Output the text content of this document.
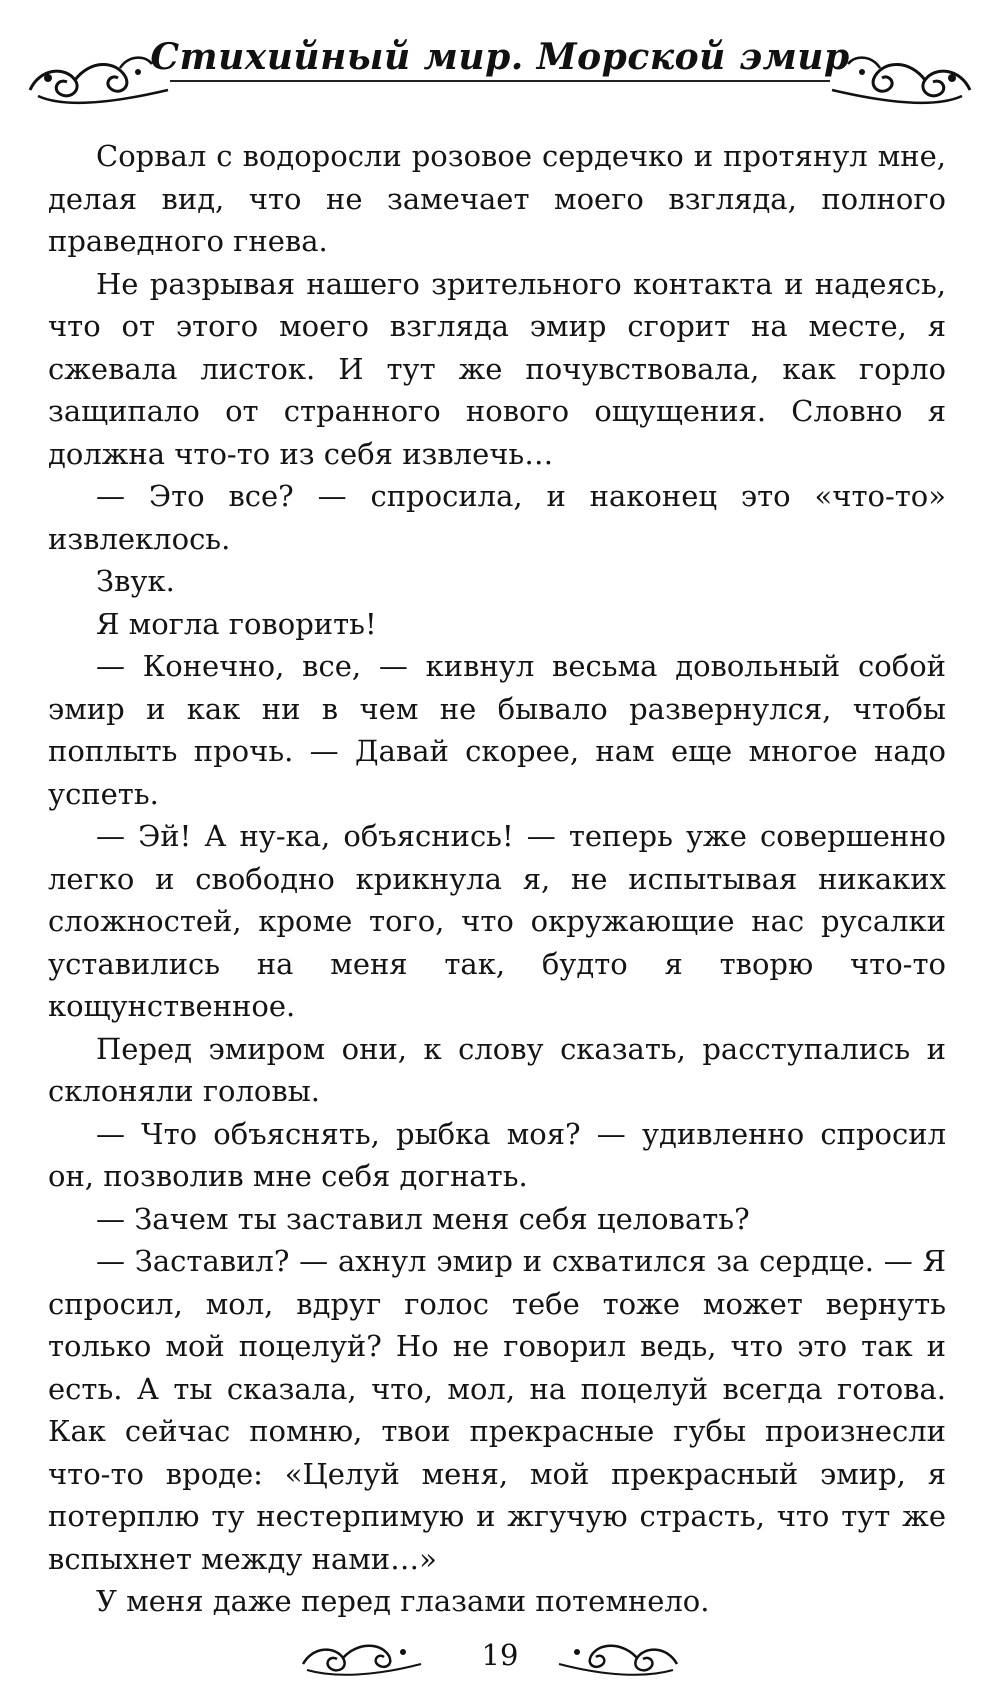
Стихийный мир. Морской эмир

Сорвал с водоросли розовое сердечко и протянул мне, делая вид, что не замечает моего взгляда, полного праведного гнева.

Не разрывая нашего зрительного контакта и надеясь, что от этого моего взгляда эмир сгорит на месте, я сжевала листок. И тут же почувствовала, как горло защипало от странного нового ощущения. Словно я должна что-то из себя извлечь…

— Это все? — спросила, и наконец это «что-то» извлеклось.

Звук.

Я могла говорить!

— Конечно, все, — кивнул весьма довольный собой эмир и как ни в чем не бывало развернулся, чтобы поплыть прочь. — Давай скорее, нам еще многое надо успеть.

— Эй! А ну-ка, объяснись! — теперь уже совершенно легко и свободно крикнула я, не испытывая никаких сложностей, кроме того, что окружающие нас русалки уставились на меня так, будто я творю что-то кощунственное.

Перед эмиром они, к слову сказать, расступались и склоняли головы.

— Что объяснять, рыбка моя? — удивленно спросил он, позволив мне себя догнать.

— Зачем ты заставил меня себя целовать?

— Заставил? — ахнул эмир и схватился за сердце. — Я спросил, мол, вдруг голос тебе тоже может вернуть только мой поцелуй? Но не говорил ведь, что это так и есть. А ты сказала, что, мол, на поцелуй всегда готова. Как сейчас помню, твои прекрасные губы произнесли что-то вроде: «Целуй меня, мой прекрасный эмир, я потерплю ту нестерпимую и жгучую страсть, что тут же вспыхнет между нами…»

У меня даже перед глазами потемнело.

19
